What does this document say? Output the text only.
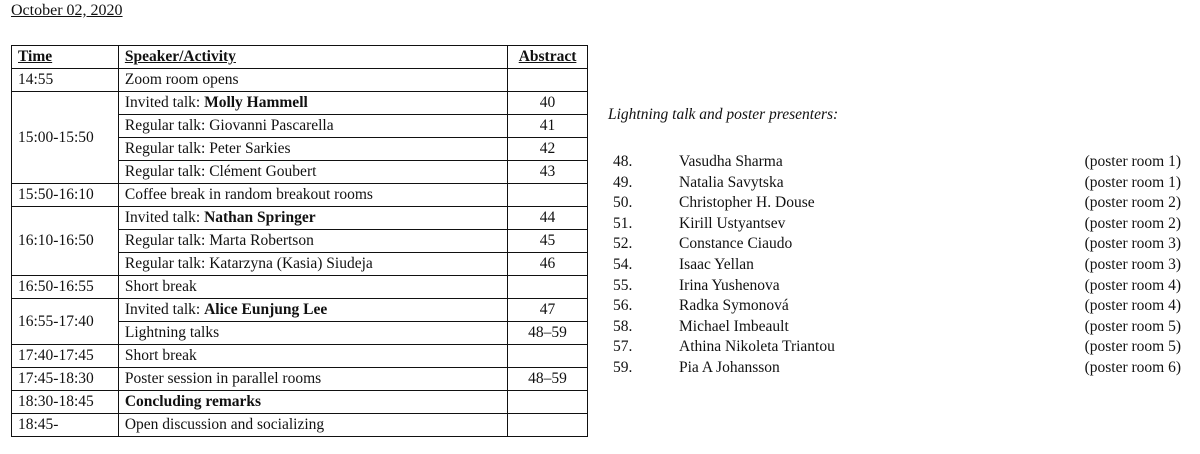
October 02, 2020
Time	Speaker/Activity	Abstract
14:55	Zoom room opens	
15:00-15:50	Invited talk: Molly Hammell	40
	Regular talk: Giovanni Pascarella	41
	Regular talk: Peter Sarkies	42
	Regular talk: Clément Goubert	43
15:50-16:10	Coffee break in random breakout rooms	
16:10-16:50	Invited talk: Nathan Springer	44
	Regular talk: Marta Robertson	45
	Regular talk: Katarzyna (Kasia) Siudeja	46
16:50-16:55	Short break	
16:55-17:40	Invited talk: Alice Eunjung Lee	47
	Lightning talks	48–59
17:40-17:45	Short break	
17:45-18:30	Poster session in parallel rooms	48–59
18:30-18:45	Concluding remarks	
18:45-	Open discussion and socializing	
Lightning talk and poster presenters:
48.	Vasudha Sharma	(poster room 1)
49.	Natalia Savytska	(poster room 1)
50.	Christopher H. Douse	(poster room 2)
51.	Kirill Ustyantsev	(poster room 2)
52.	Constance Ciaudo	(poster room 3)
54.	Isaac Yellan	(poster room 3)
55.	Irina Yushenova	(poster room 4)
56.	Radka Symonová	(poster room 4)
58.	Michael Imbeault	(poster room 5)
57.	Athina Nikoleta Triantou	(poster room 5)
59.	Pia A Johansson	(poster room 6)
